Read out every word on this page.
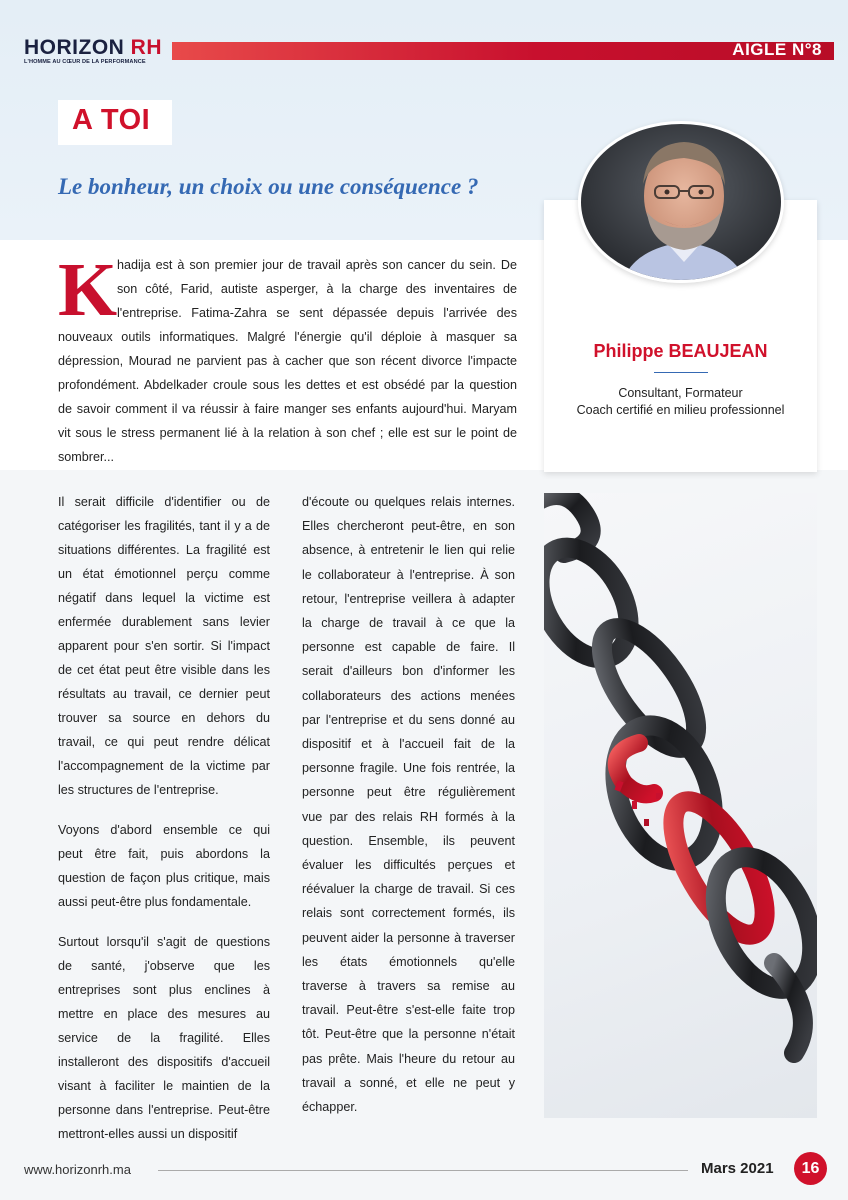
HORIZON RH
L'HOMME AU CŒUR DE LA PERFORMANCE
AIGLE N°8
A TOI
Le bonheur, un choix ou une conséquence ?
Philippe BEAUJEAN
Consultant, Formateur
Coach certifié en milieu professionnel
K hadija est à son premier jour de travail après son cancer du sein. De
son côté, Farid, autiste asperger, à la charge des inventaires de
l'entreprise. Fatima-Zahra se sent dépassée depuis l'arrivée des
nouveaux outils informatiques. Malgré l'énergie qu'il déploie à masquer sa
dépression, Mourad ne parvient pas à cacher que son récent divorce l'impacte
profondément. Abdelkader croule sous les dettes et est obsédé par la question
de savoir comment il va réussir à faire manger ses enfants aujourd'hui. Maryam
vit sous le stress permanent lié à la relation à son chef ; elle est sur le point de
sombrer...
Il serait difficile d'identifier ou de
catégoriser les fragilités, tant il y a de
situations différentes. La fragilité est
un état émotionnel perçu comme
négatif dans lequel la victime est
enfermée durablement sans levier
apparent pour s'en sortir. Si l'impact
de cet état peut être visible dans les
résultats au travail, ce dernier peut
trouver sa source en dehors du
travail, ce qui peut rendre délicat
l'accompagnement de la victime par
les structures de l'entreprise.
Voyons d'abord ensemble ce qui
peut être fait, puis abordons la
question de façon plus critique, mais
aussi peut-être plus fondamentale.
Surtout lorsqu'il s'agit de questions
de santé, j'observe que les
entreprises sont plus enclines à
mettre en place des mesures au
service de la fragilité. Elles
installeront des dispositifs d'accueil
visant à faciliter le maintien de la
personne dans l'entreprise. Peut-être
mettront-elles aussi un dispositif
d'écoute ou quelques relais internes.
Elles chercheront peut-être, en son
absence, à entretenir le lien qui relie
le collaborateur à l'entreprise. À son
retour, l'entreprise veillera à adapter
la charge de travail à ce que la
personne est capable de faire. Il
serait d'ailleurs bon d'informer les
collaborateurs des actions menées
par l'entreprise et du sens donné au
dispositif et à l'accueil fait de la
personne fragile. Une fois rentrée, la
personne peut être régulièrement
vue par des relais RH formés à la
question. Ensemble, ils peuvent
évaluer les difficultés perçues et
réévaluer la charge de travail. Si ces
relais sont correctement formés, ils
peuvent aider la personne à traverser
les états émotionnels qu'elle
traverse à travers sa remise au
travail. Peut-être s'est-elle faite trop
tôt. Peut-être que la personne n'était
pas prête. Mais l'heure du retour au
travail a sonné, et elle ne peut y
échapper.
www.horizonrh.ma	Mars 2021	16
